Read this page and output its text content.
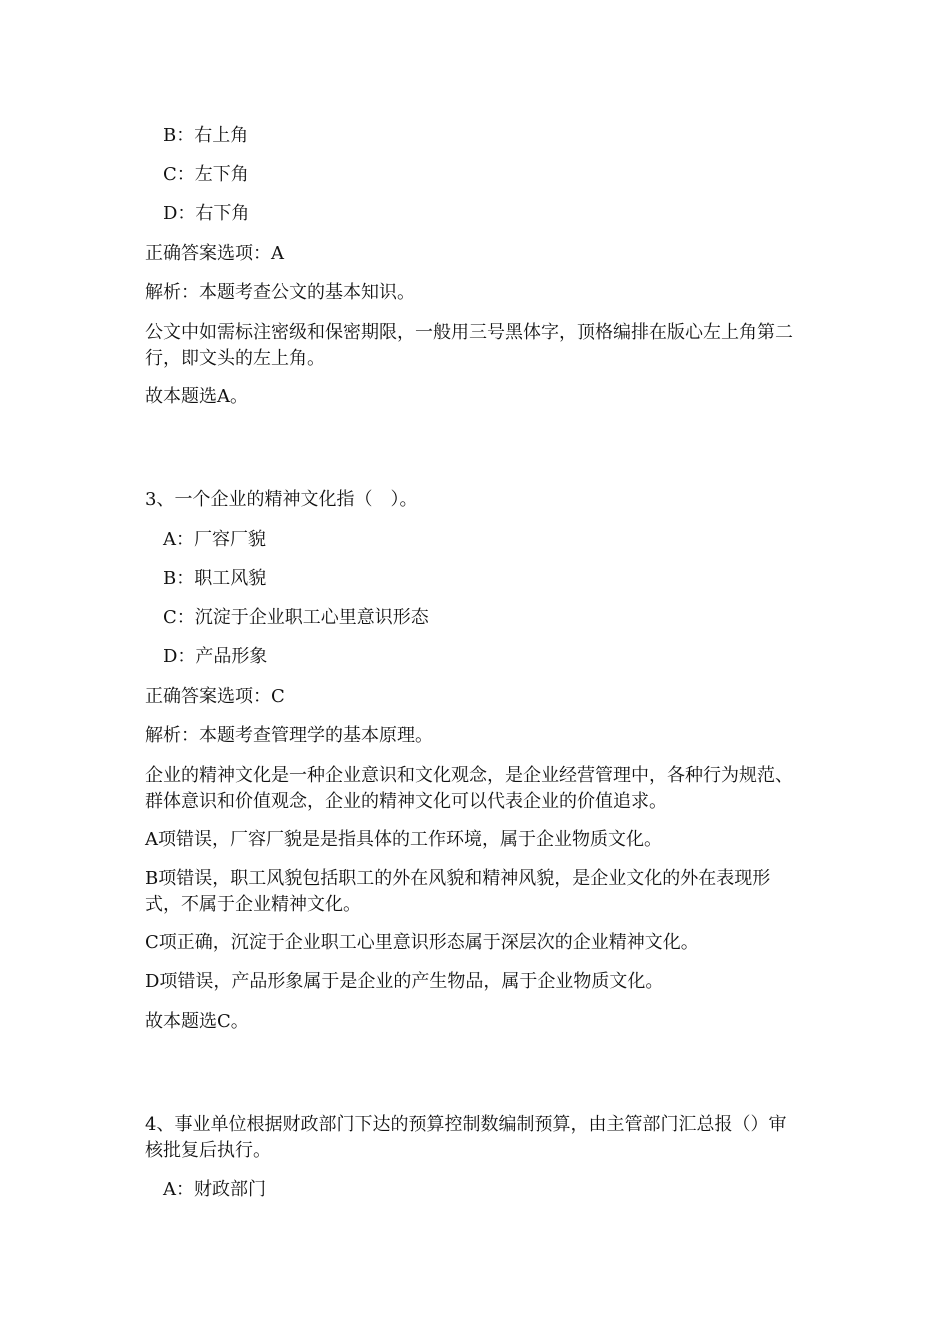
B：右上角
C：左下角
D：右下角
正确答案选项：A
解析：本题考查公文的基本知识。
公文中如需标注密级和保密期限，一般用三号黑体字，顶格编排在版心左上角第二行，即文头的左上角。
故本题选A。
3、一个企业的精神文化指（　）。
A：厂容厂貌
B：职工风貌
C：沉淀于企业职工心里意识形态
D：产品形象
正确答案选项：C
解析：本题考查管理学的基本原理。
企业的精神文化是一种企业意识和文化观念，是企业经营管理中，各种行为规范、群体意识和价值观念，企业的精神文化可以代表企业的价值追求。
A项错误，厂容厂貌是是指具体的工作环境，属于企业物质文化。
B项错误，职工风貌包括职工的外在风貌和精神风貌，是企业文化的外在表现形式，不属于企业精神文化。
C项正确，沉淀于企业职工心里意识形态属于深层次的企业精神文化。
D项错误，产品形象属于是企业的产生物品，属于企业物质文化。
故本题选C。
4、事业单位根据财政部门下达的预算控制数编制预算，由主管部门汇总报（）审核批复后执行。
A：财政部门
